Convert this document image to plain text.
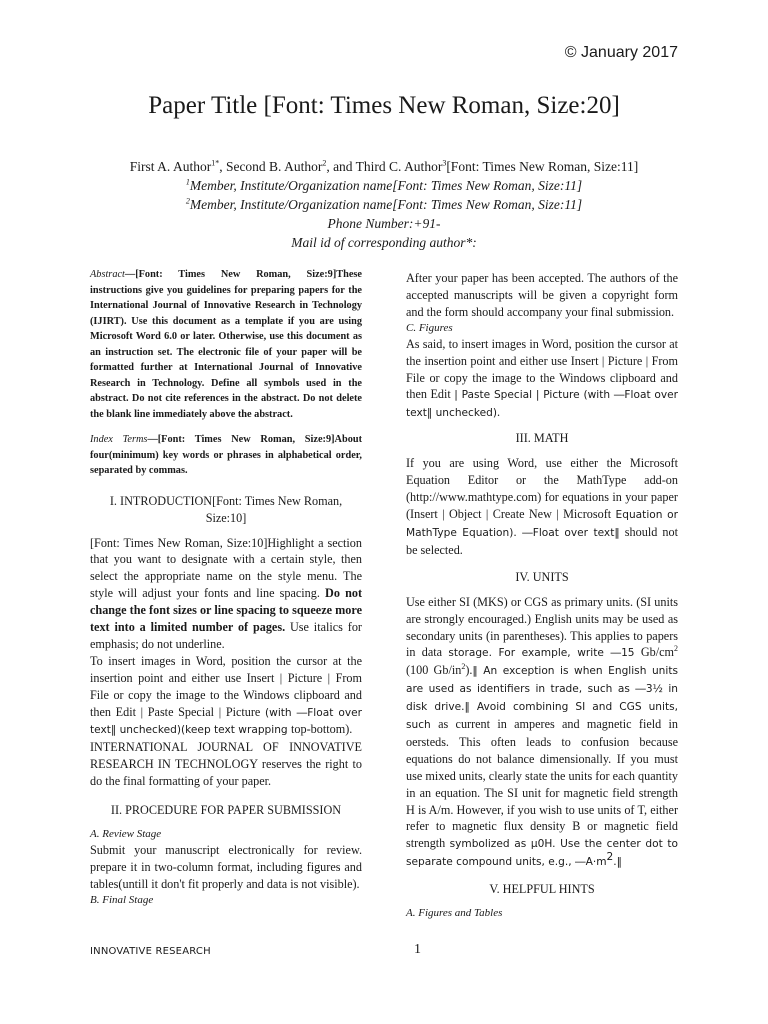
© January 2017
Paper Title [Font: Times New Roman, Size:20]
First A. Author$^{1*}$, Second B. Author$^2$, and Third C. Author$^3$[Font: Times New Roman, Size:11]
$^1$Member, Institute/Organization name[Font: Times New Roman, Size:11]
$^2$Member, Institute/Organization name[Font: Times New Roman, Size:11]
Phone Number:+91-
Mail id of corresponding author*:

Abstract—[Font: Times New Roman, Size:9]These instructions give you guidelines for preparing papers for the International Journal of Innovative Research in Technology (IJIRT). Use this document as a template if you are using Microsoft Word 6.0 or later. Otherwise, use this document as an instruction set. The electronic file of your paper will be formatted further at International Journal of Innovative Research in Technology. Define all symbols used in the abstract. Do not cite references in the abstract. Do not delete the blank line immediately above the abstract.

Index Terms—[Font: Times New Roman, Size:9]About four(minimum) key words or phrases in alphabetical order, separated by commas.

I. INTRODUCTION[Font: Times New Roman, Size:10]

[Font: Times New Roman, Size:10]Highlight a section that you want to designate with a certain style, then select the appropriate name on the style menu. The style will adjust your fonts and line spacing. Do not change the font sizes or line spacing to squeeze more text into a limited number of pages. Use italics for emphasis; do not underline.

To insert images in Word, position the cursor at the insertion point and either use Insert | Picture | From File or copy the image to the Windows clipboard and then Edit | Paste Special | Picture (with ―Float over text‖ unchecked)(keep text wrapping top-bottom).

INTERNATIONAL JOURNAL OF INNOVATIVE RESEARCH IN TECHNOLOGY reserves the right to do the final formatting of your paper.

II. PROCEDURE FOR PAPER SUBMISSION
A. Review Stage

Submit your manuscript electronically for review. prepare it in two-column format, including figures and tables(untill it don't fit properly and data is not visible).

B. Final Stage

After your paper has been accepted. The authors of the accepted manuscripts will be given a copyright form and the form should accompany your final submission.

C. Figures

As said, to insert images in Word, position the cursor at the insertion point and either use Insert | Picture | From File or copy the image to the Windows clipboard and then Edit | Paste Special | Picture (with ―Float over text‖ unchecked).

III. MATH

If you are using Word, use either the Microsoft Equation Editor or the MathType add-on (http://www.mathtype.com) for equations in your paper (Insert | Object | Create New | Microsoft Equation or MathType Equation). ―Float over text‖ should not be selected.

IV. UNITS

Use either SI (MKS) or CGS as primary units. (SI units are strongly encouraged.) English units may be used as secondary units (in parentheses). This applies to papers in data storage. For example, write ―15 $Gb/cm^2$ (100 $Gb/in^2).‖$ An exception is when English units are used as identifiers in trade, such as ―3½ in disk drive.‖ Avoid combining SI and CGS units, such as current in amperes and magnetic field in oersteds. This often leads to confusion because equations do not balance dimensionally. If you must use mixed units, clearly state the units for each quantity in an equation. The SI unit for magnetic field strength H is A/m. However, if you wish to use units of T, either refer to magnetic flux density B or magnetic field strength symbolized as µ0H. Use the center dot to separate compound units, e.g., $―A\cdot m^2.‖$

V. HELPFUL HINTS
A. Figures and Tables
INNOVATIVE RESEARCH	1
